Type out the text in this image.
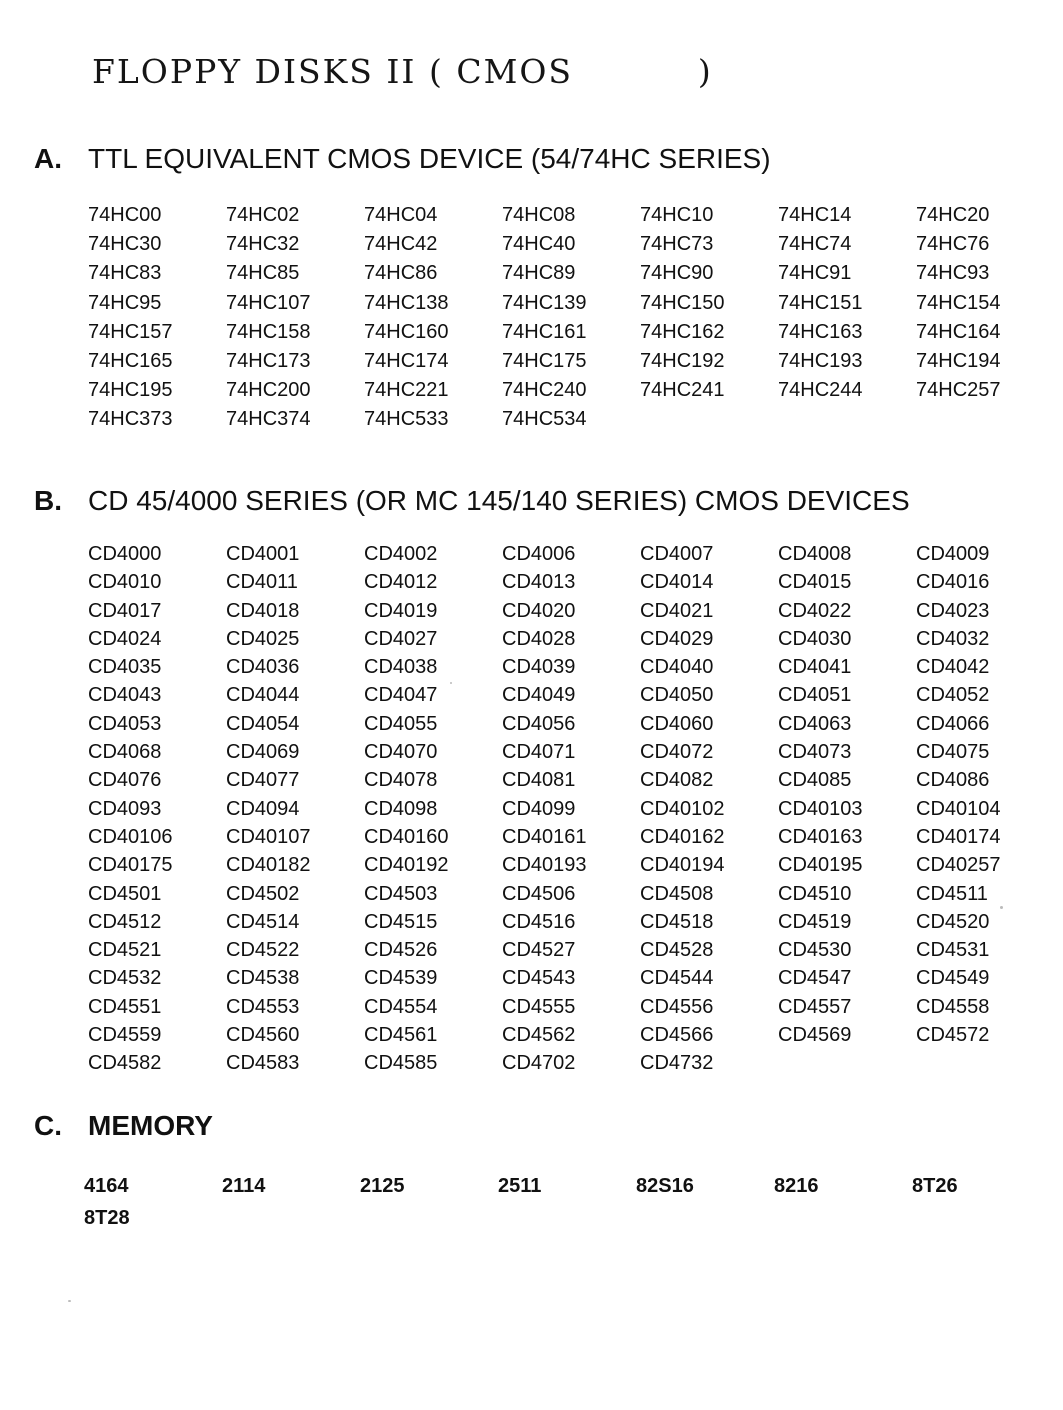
FLOPPY DISKS II ( CMOS          )
A. TTL EQUIVALENT CMOS DEVICE (54/74HC SERIES)
74HC00	74HC02	74HC04	74HC08	74HC10	74HC14	74HC20
74HC30	74HC32	74HC42	74HC40	74HC73	74HC74	74HC76
74HC83	74HC85	74HC86	74HC89	74HC90	74HC91	74HC93
74HC95	74HC107	74HC138	74HC139	74HC150	74HC151	74HC154
74HC157	74HC158	74HC160	74HC161	74HC162	74HC163	74HC164
74HC165	74HC173	74HC174	74HC175	74HC192	74HC193	74HC194
74HC195	74HC200	74HC221	74HC240	74HC241	74HC244	74HC257
74HC373	74HC374	74HC533	74HC534
B. CD 45/4000 SERIES (OR MC 145/140 SERIES) CMOS DEVICES
CD4000	CD4001	CD4002	CD4006	CD4007	CD4008	CD4009
CD4010	CD4011	CD4012	CD4013	CD4014	CD4015	CD4016
CD4017	CD4018	CD4019	CD4020	CD4021	CD4022	CD4023
CD4024	CD4025	CD4027	CD4028	CD4029	CD4030	CD4032
CD4035	CD4036	CD4038	CD4039	CD4040	CD4041	CD4042
CD4043	CD4044	CD4047	CD4049	CD4050	CD4051	CD4052
CD4053	CD4054	CD4055	CD4056	CD4060	CD4063	CD4066
CD4068	CD4069	CD4070	CD4071	CD4072	CD4073	CD4075
CD4076	CD4077	CD4078	CD4081	CD4082	CD4085	CD4086
CD4093	CD4094	CD4098	CD4099	CD40102	CD40103	CD40104
CD40106	CD40107	CD40160	CD40161	CD40162	CD40163	CD40174
CD40175	CD40182	CD40192	CD40193	CD40194	CD40195	CD40257
CD4501	CD4502	CD4503	CD4506	CD4508	CD4510	CD4511
CD4512	CD4514	CD4515	CD4516	CD4518	CD4519	CD4520
CD4521	CD4522	CD4526	CD4527	CD4528	CD4530	CD4531
CD4532	CD4538	CD4539	CD4543	CD4544	CD4547	CD4549
CD4551	CD4553	CD4554	CD4555	CD4556	CD4557	CD4558
CD4559	CD4560	CD4561	CD4562	CD4566	CD4569	CD4572
CD4582	CD4583	CD4585	CD4702	CD4732
C. MEMORY
4164	2114	2125	2511	82S16	8216	8T26
8T28
